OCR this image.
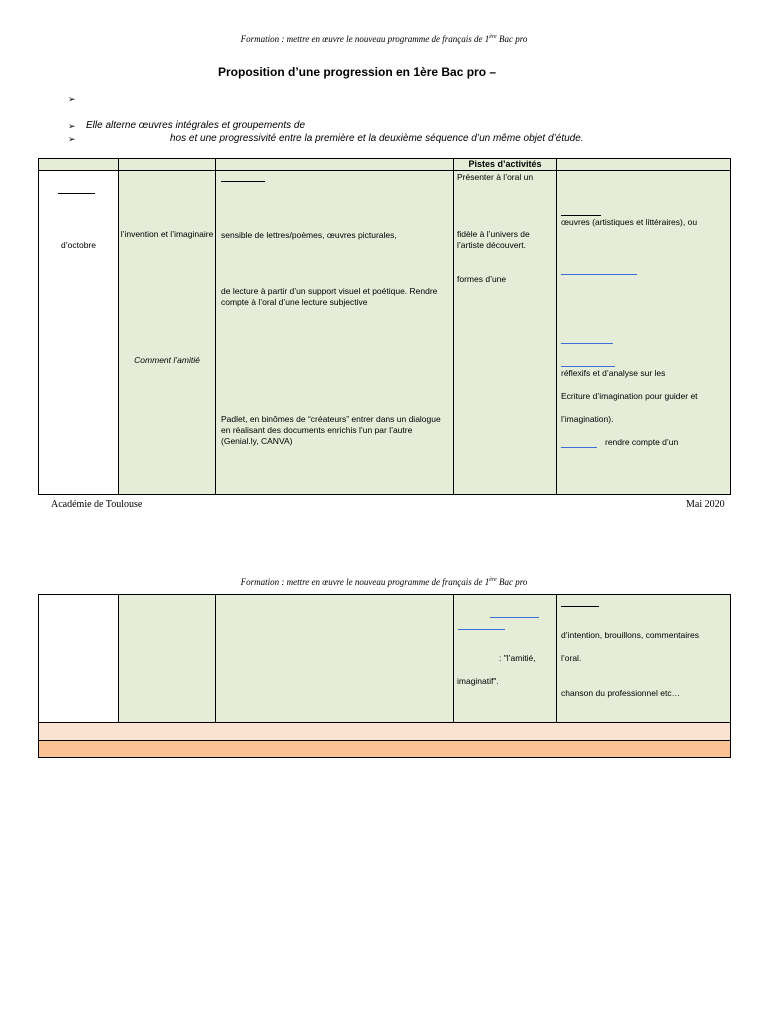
Formation : mettre en œuvre le nouveau programme de français de 1ère Bac pro
Proposition d’une progression en 1ère Bac pro –
➢
➢ Elle alterne œuvres intégrales et groupements de
➢	hos et une progressivité entre la première et la deuxième séquence d’un même objet d’étude.
Pistes d’activités
d’octobre
l’invention et l’imaginaire
Comment l’amitié
sensible de lettres/poèmes, œuvres picturales,
de lecture à partir d’un support visuel et poétique. Rendre compte à l’oral d’une lecture subjective
Padlet, en binômes de “créateurs” entrer dans un dialogue en réalisant des documents enrichis l’un par l’autre (Genial.ly, CANVA)
Présenter à l’oral un
fidèle à l’univers de l’artiste découvert.
formes d’une
œuvres (artistiques et littéraires), ou
réflexifs et d’analyse sur les
Ecriture d’imagination pour guider et
l’imagination).
rendre compte d’un
Académie de Toulouse	Mai 2020
Formation : mettre en œuvre le nouveau programme de français de 1ère Bac pro
: "l’amitié,
imaginatif".
d’intention, brouillons, commentaires
l’oral.
chanson du professionnel etc…
